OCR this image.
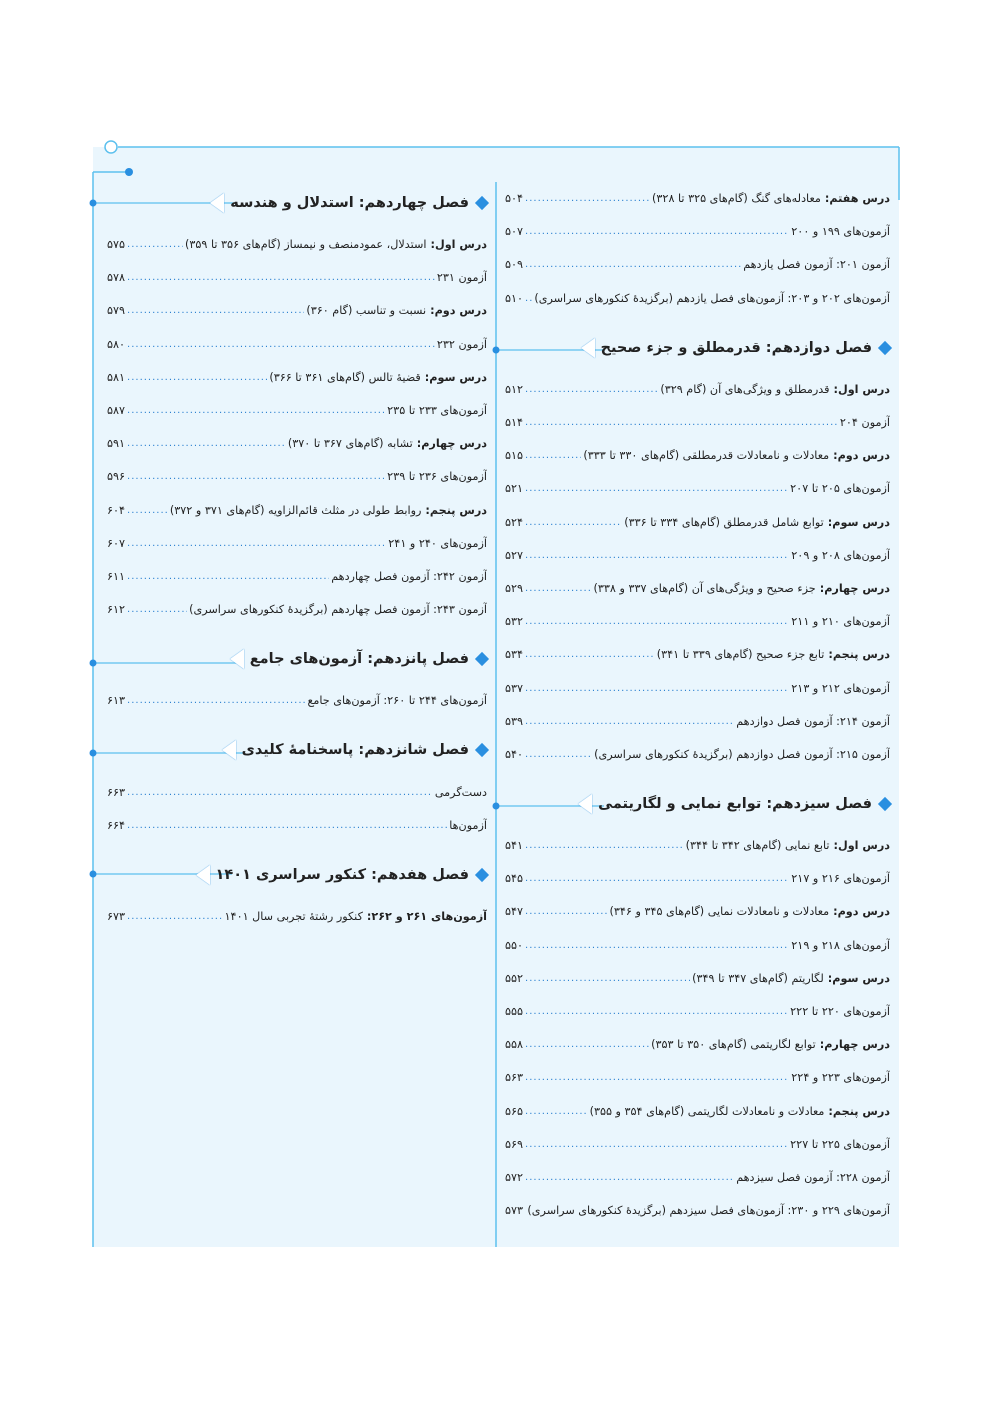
درس هفتم:معادله‌های گنگ (گام‌های ۳۲۵ تا ۳۲۸)
.....
۵۰۴
آزمون‌های ۱۹۹ و ۲۰۰
.....
۵۰۷
آزمون ۲۰۱: آزمون فصل یازدهم
.....
۵۰۹
آزمون‌های ۲۰۲ و ۲۰۳: آزمون‌های فصل یازدهم (برگزیدهٔ کنکورهای سراسری)
.....
۵۱۰
فصل دوازدهم: قدرمطلق و جزء صحیح
درس اول:قدرمطلق و ویژگی‌های آن (گام ۳۲۹)
.....
۵۱۲
آزمون ۲۰۴
.....
۵۱۴
درس دوم:معادلات و نامعادلات قدرمطلقی (گام‌های ۳۳۰ تا ۳۳۳)
.....
۵۱۵
آزمون‌های ۲۰۵ تا ۲۰۷
.....
۵۲۱
درس سوم:توابع شامل قدرمطلق (گام‌های ۳۳۴ تا ۳۳۶)
.....
۵۲۴
آزمون‌های ۲۰۸ و ۲۰۹
.....
۵۲۷
درس چهارم:جزء صحیح و ویژگی‌های آن (گام‌های ۳۳۷ و ۳۳۸)
.....
۵۲۹
آزمون‌های ۲۱۰ و ۲۱۱
.....
۵۳۲
درس پنجم:تابع جزء صحیح (گام‌های ۳۳۹ تا ۳۴۱)
.....
۵۳۴
آزمون‌های ۲۱۲ و ۲۱۳
.....
۵۳۷
آزمون ۲۱۴: آزمون فصل دوازدهم
.....
۵۳۹
آزمون ۲۱۵: آزمون فصل دوازدهم (برگزیدهٔ کنکورهای سراسری)
.....
۵۴۰
فصل سیزدهم: توابع نمایی و لگاریتمی
درس اول:تابع نمایی (گام‌های ۳۴۲ تا ۳۴۴)
.....
۵۴۱
آزمون‌های ۲۱۶ و ۲۱۷
.....
۵۴۵
درس دوم:معادلات و نامعادلات نمایی (گام‌های ۳۴۵ و ۳۴۶)
.....
۵۴۷
آزمون‌های ۲۱۸ و ۲۱۹
.....
۵۵۰
درس سوم:لگاریتم (گام‌های ۳۴۷ تا ۳۴۹)
.....
۵۵۲
آزمون‌های ۲۲۰ تا ۲۲۲
.....
۵۵۵
درس چهارم:توابع لگاریتمی (گام‌های ۳۵۰ تا ۳۵۳)
.....
۵۵۸
آزمون‌های ۲۲۳ و ۲۲۴
.....
۵۶۳
درس پنجم:معادلات و نامعادلات لگاریتمی (گام‌های ۳۵۴ و ۳۵۵)
.....
۵۶۵
آزمون‌های ۲۲۵ تا ۲۲۷
.....
۵۶۹
آزمون ۲۲۸: آزمون فصل سیزدهم
.....
۵۷۲
آزمون‌های ۲۲۹ و ۲۳۰: آزمون‌های فصل سیزدهم (برگزیدهٔ کنکورهای سراسری)
.....
۵۷۳
فصل چهاردهم: استدلال و هندسه
درس اول:استدلال، عمودمنصف و نیمساز (گام‌های ۳۵۶ تا ۳۵۹)
.....
۵۷۵
آزمون ۲۳۱
.....
۵۷۸
درس دوم:نسبت و تناسب (گام ۳۶۰)
.....
۵۷۹
آزمون ۲۳۲
.....
۵۸۰
درس سوم:قضیهٔ تالس (گام‌های ۳۶۱ تا ۳۶۶)
.....
۵۸۱
آزمون‌های ۲۳۳ تا ۲۳۵
.....
۵۸۷
درس چهارم:تشابه (گام‌های ۳۶۷ تا ۳۷۰)
.....
۵۹۱
آزمون‌های ۲۳۶ تا ۲۳۹
.....
۵۹۶
درس پنجم:روابط طولی در مثلث قائم‌الزاویه (گام‌های ۳۷۱ و ۳۷۲)
.....
۶۰۴
آزمون‌های ۲۴۰ و ۲۴۱
.....
۶۰۷
آزمون ۲۴۲: آزمون فصل چهاردهم
.....
۶۱۱
آزمون ۲۴۳: آزمون فصل چهاردهم (برگزیدهٔ کنکورهای سراسری)
.....
۶۱۲
فصل پانزدهم: آزمون‌های جامع
آزمون‌های ۲۴۴ تا ۲۶۰: آزمون‌های جامع
.....
۶۱۳
فصل شانزدهم: پاسخنامهٔ کلیدی
دست‌گرمی
.....
۶۶۳
آزمون‌ها
.....
۶۶۴
فصل هفدهم: کنکور سراسری ۱۴۰۱
آزمون‌های ۲۶۱ و ۲۶۲:کنکور رشتهٔ تجربی سال ۱۴۰۱
.....
۶۷۳
